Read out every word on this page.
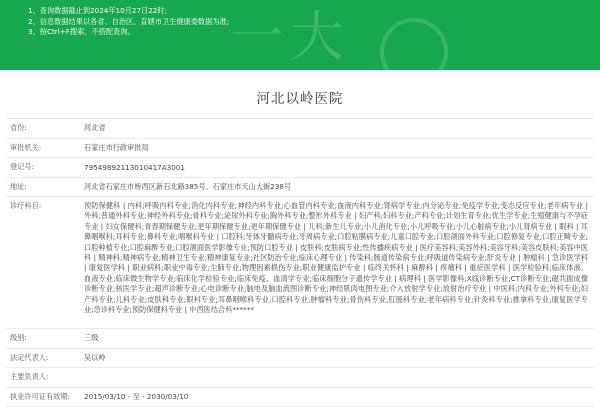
一大
1、查询数据截止到2024年10月27日22时;
2、信息数据结果以各省、自治区、直辖市卫生健康委数据为准;
3、按Ctrl+F搜索、不搭配查询。
河北以岭医院
省份:	河北省
审批机关:	石家庄市行政审批局
登记号:	79549892113010417A3001
地址:	河北省石家庄市桥西区新石北路385号、石家庄市天山大街238号
诊疗科目:	预防保健科 | 内科;呼吸内科专业;消化内科专业;神经内科专业;心血管内科专业;血液内科专业;肾病学专业;内分泌专业;免疫学专业;变态反应专业;老年病专业 | 外科;普通外科专业;神经外科专业;骨科专业;泌尿外科专业;胸外科专业;整形外科专业 | 妇产科;妇科专业;产科专业;计划生育专业;优生学专业;生殖健康与不孕症专业 | 妇女保健科;青春期保健专业;更年期保健专业;更年期保健专业 | 儿科;新生儿专业;小儿消化专业;小儿呼吸专业;小儿心脏病专业;小儿肾病专业 | 眼科 | 耳鼻咽喉科;耳科专业;鼻科专业;咽喉科专业 | 口腔科;牙体牙髓病专业;牙周病专业;口腔粘膜病专业;儿童口腔专业;口腔颌面外科专业;口腔修复专业;口腔正畸专业;口腔种植专业;口腔麻醉专业;口腔颌面医学影像专业;预防口腔专业 | 皮肤科;皮肤病专业;性传播疾病专业 | 医疗美容科;美容外科;美容牙科;美容皮肤科;美容中医科 | 精神科;精神病专业;精神卫生专业;精神康复专业;社区防治专业;临床心理专业 | 传染科;肠道传染病专业;呼吸道传染病专业;肝炎专业 | 肿瘤科 | 急诊医学科 | 康复医学科 | 职业病科;职业中毒专业;尘肺专业;物理因素损伤专业;职业健康监护专业 | 临终关怀科 | 麻醉科 | 疼痛科 | 重症医学科 | 医学检验科;临床体液、血液专业;临床微生物学专业;临床化学检验专业;临床免疫、血清学专业;临床细胞分子遗传学专业 | 病理科 | 医学影像科;X线诊断专业;CT诊断专业;磁共振成像诊断专业;核医学专业;超声诊断专业;心电诊断专业;脑电及脑血流图诊断专业;神经肌肉电图专业;介入放射学专业;放射治疗专业 | 中医科;内科专业;外科专业;妇产科专业;儿科专业;皮肤科专业;眼科专业;耳鼻咽喉科专业;口腔科专业;肿瘤科专业;骨伤科专业;肛肠科专业;老年病科专业;针灸科专业;推拿科专业;康复医学专业;急诊科专业;预防保健科专业 | 中西医结合科******
级别:	三级
法定代表人:	吴以岭
主要负责人:
执业许可证有效期:	2015/03/10 - 至 - 2030/03/10
